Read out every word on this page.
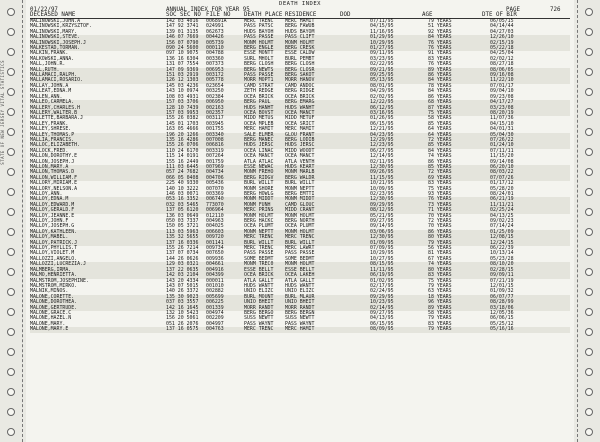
STATE OF NEW JERSEY VITAL STATISTICS
DEATH INDEX
01/22/97	ANNUAL INDEX FOR YEAR 95	PAGE	726
DECEASED NAME	SOC SEC NO FILE NO DEATH PLACE RESIDENCE	DOD	AGE	DTE OF BIR
MALINOWSKI,JOHN.A	142 03 4016 006891A	MERC TRENC MERC HAMIT	07/11/95	79 YEARS	06/05/15
MALINOWSKI,KRZYSZTOF.	147 92 3741 024991	PASS PATSC BERG FAWUB	04/15/95	51 YEARS	04/14/44
MALINOWSKI,MARY.	139 01 3135 062673	HUDS BAYOH HUDS BAYOM	11/16/95	92 YEARS	04/27/03
MALINOWSKI,STEVE.	146 07 7669 004426	PASS PASSE PASS CLIFT	01/29/95	84 YEARS	12/26/10
MALINOWSKI,JOSEPH.J	156 07 0790 005739	MONM HOLMT MONM HOLMT	10/29/95	76 YEARS	02/15/19
MALKESTAD,TORMAN.	090 24 5600 000110	BERG ENGLE BERG CRESK	01/27/95	76 YEARS	05/22/18
MALKIN,FRANK.	097 10 9075 004788	ESSE MONTT ESSE CALDW	09/11/95	91 YEARS	04/25/04
MALKOWSKI,ANNA.	136 16 6304 003360	SURL MHOLT BURL PEMBT	03/23/95	83 YEARS	02/02/12
MALL,JOHN.R.	131 07 7554 007373	BERG CLOSH BERG CLOSH	02/22/95	76 YEARS	08/27/18
MALL,RUTH.	147 09 9369 006953	BERG NEWTS BERG CLOSR	09/21/95	89 YEARS	08/06/05
MALLAMACI,RALPH.	151 03 2919 003172	PASS PASSE BERG SAKOT	09/25/95	86 YEARS	09/16/08
MALLAMACI,ROSARIO.	126 12 1303 005778	MORR MOPT1 MORR HANOV	05/13/95	84 YEARS	11/22/10
MALLAY,JOHN.A	145 03 4236 023654	CAMD STRAT CAMD ANDOC	08/01/95	78 YEARS	07/01/17
MALLEAT,EDNA.M	143 10 0974 003250	ZETH REDGE BERG RIDGE	04/29/95	84 YEARS	09/04/10
MALLEN,ANN.	108 03 4931 002384	OCEA BRICK OCEA BRICK	02/02/95	86 YEARS	09/23/08
MALLEO,CARMELA.	157 03 3706 006950	BERG PAUL	BERG EMARG	12/22/95	68 YEARS	04/17/27
MALLERY,CHARLES.H	128 10 7439 002163	HUDS HANHT HUDS WANHT	06/12/95	87 YEARS	03/23/08
MALLERY,WALTER.B	157 03 9953 002357	OCEA BOVST OCEA MANCT	03/16/95	75 YEARS	08/20/19
MALLETTE,BARBARA.J	155 26 0382 003117	MIDD METUS MIDD METUF	01/26/95	58 YEARS	11/07/36
MALLEY,FRANK.	145 01 1703 003945	OCEA MPLEB OCEA SRICT	06/15/95	85 YEARS	04/15/10
MALLEY,SHRESE.	163 05 4666 001755	MERC HAMIT MERC MAMIT	12/21/95	64 YEARS	04/01/31
MALLEY,THOMAS.P	196 20 1266 003340	SALE ELMER GLOU FRANT	04/23/95	64 YEARS	05/04/30
MALLIA,FRANCIS.	135 16 4286 007008	BERG MANEC BERG LODIB	12/29/95	72 YEARS	07/26/22
MALLOC,ELIZABETH.	155 26 0706 006816	HUDS JERSC HUDS JERSC	12/23/95	85 YEARS	01/24/10
MALLOCK,FRED.	110 24 6170 003319	OCEA LINAC MIDD WOODT	06/27/95	84 YEARS	07/11/11
MALLON,DOROTHY.E	115 14 0191 007264	OCEA MANCT OCEA MANCT	12/14/95	74 YEARS	11/15/20
MALLON,JOSEPH.J	155 16 2449 001759	ATLA ATLAC ATLA VENTH	02/11/95	86 YEARS	09/14/08
MALLON,MARY.A	111 03 6445 007969	ESSE NEWAC HUDS KEART	12/30/95	85 YEARS	06/20/10
MALLON,THOMAS.D	057 24 7682 004734	MONM FREHO MONM MARLB	09/26/95	72 YEARS	08/03/22
MALLON,WILLIAM.F	066 05 0408 004706	BERG RIDGV BERG WALDR	11/15/95	69 YEARS	07/07/26
MALLORY,MIRIAM.E	225 40 9330 005436	BURL WILLT BURL WILLT	10/21/95	83 YEARS	01/17/12
MALLORY,NELSON.A	140 10 3222 007070	MONM SHORE MONM NEPTT	10/09/95	75 YEARS	05/28/20
MALLOY,ANN.	146 03 0071 003369	BERG HOWLG BERG EMTTI	02/23/95	93 YEARS	08/24/01
MALLOY,EDNA.M	053 16 3352 006740	MONM MIDDT MONM MIDDT	12/30/95	76 YEARS	06/21/19
MALLOY,EDWARD.M	032 03 5465 773070	MONM FUNH	CAMD GLOUC	09/29/95	73 YEARS	11/11/21
MALLOY,GERALD.F	137 05 6120 006964	MERC PRINS MIDD CRANT	08/12/95	71 YEARS	02/25/24
MALLOY,JEANNE.E	136 03 0649 012110	MONM HOLMT MONM HOLMT	05/21/95	70 YEARS	04/13/25
MALLOY,JOHN.F	050 03 7337 004963	BERG HACKC BERG NORTH	09/27/95	72 YEARS	09/02/23
MALLOY,JOSEPH.G	150 05 3721 004025	OCEA PLUMT OCEA PLUMT	09/14/95	70 YEARS	07/14/24
MALLOY,KATHLEEN.	113 03 5963 006603	MONM NEPTT MONM HOLMT	03/06/95	86 YEARS	01/25/09
MALLOY,MABEL.	135 32 5655 009720	MERC TRENC MERC TRENC	12/30/95	80 YEARS	12/08/15
MALLOY,PATRICK.J	137 16 0336 001141	BURL WILLT BURL WILLT	01/09/95	79 YEARS	12/24/15
MALLOY,PHYLLIS.T	155 26 7214 009734	MERC TRENC MERC LAWRT	07/09/95	56 YEARS	06/22/39
MALLOY,VIOLET.M	137 07 0734 007650	PASS PASSE PASS PASSE	10/29/95	81 YEARS	10/13/14
MALLOZZI,ANGELO.	144 26 0626 009936	SOME BEDMT SOME BEDMT	10/27/95	67 YEARS	05/23/28
MALLOZZI,LUCREZIA.J	129 03 0321 004661	MONM TREC0 MONM HOLMT	08/15/95	74 YEARS	08/10/20
MALMBERG,IRMA.	137 22 0635 004916	ESSE BELLT ESSE BELLT	11/11/95	80 YEARS	02/28/15
MALMO,HENRIETTA.	142 03 2104 004399	OCEA BRICK OCEA LAKEH	06/19/95	83 YEARS	09/09/11
MALMSTROM,JOSEPHINE.	143 20 4334 000011	ATLA GALLT ATLA GALLT	01/02/95	75 YEARS	07/21/19
MALMSTROM,MIRKO.	143 07 5015 001010	HUDS WANTT HUDS WANTT	02/17/95	79 YEARS	12/01/15
MALNIK,MINOS.	140 26 3372 002882	UNIO ELIZC UNIO ELIZC	02/24/95	63 YEARS	01/09/32
MALONE,CORETTE.	135 30 9023 005699	BURL MOUNT BURL MLAUR	09/29/95	18 YEARS	06/07/77
MALONE,DOROTHEA.	037 03 3557 006225	UNIO BHEIT UNIO BHEIT	10/23/95	96 YEARS	08/28/99
MALONE,GERTRUDE.	142 16 1645 001339	MORR RANDT MORR RANDT	02/14/95	89 YEARS	03/18/06
MALONE,GRACE.C	132 10 5423 004974	BERG BERGO BERG BERGN	09/27/95	58 YEARS	12/05/36
MALONE,HAZEL.N	156 20 5061 002209	SUSS NEWTT SUSS NEWTT	04/13/95	79 YEARS	06/06/15
MALONE,MARY.	051 26 2076 004997	PASS WAYNT PASS WAYNT	06/15/95	83 YEARS	05/25/12
MALONE,MARY.E	137 16 0575 004763	MERC TRENC MERC HAMIT	08/09/95	79 YEARS	05/16/16
